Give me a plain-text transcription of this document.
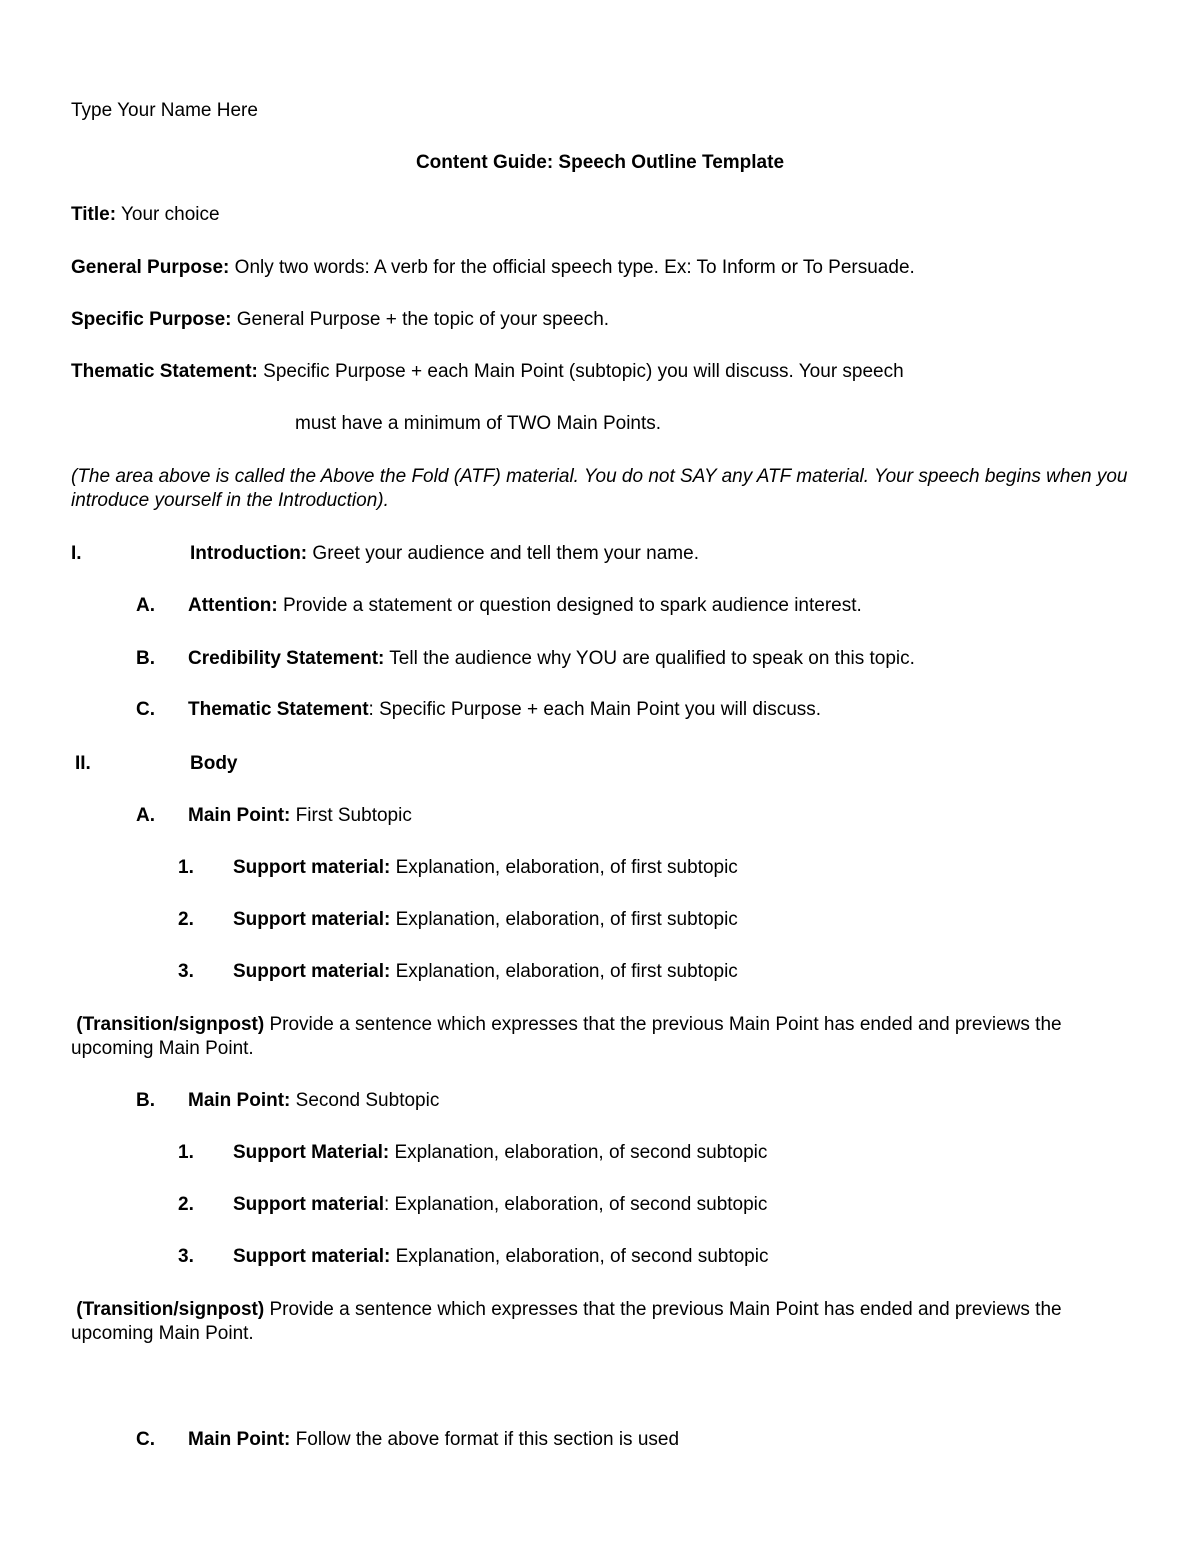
Type Your Name Here
Content Guide: Speech Outline Template
Title: Your choice
General Purpose: Only two words: A verb for the official speech type. Ex: To Inform or To Persuade.
Specific Purpose: General Purpose + the topic of your speech.
Thematic Statement: Specific Purpose + each Main Point (subtopic) you will discuss. Your speech
must have a minimum of TWO Main Points.
(The area above is called the Above the Fold (ATF) material. You do not SAY any ATF material. Your speech begins when you introduce yourself in the Introduction).
I.	Introduction: Greet your audience and tell them your name.
A. Attention: Provide a statement or question designed to spark audience interest.
B. Credibility Statement: Tell the audience why YOU are qualified to speak on this topic.
C. Thematic Statement: Specific Purpose + each Main Point you will discuss.
II.	Body
A. Main Point: First Subtopic
1. Support material: Explanation, elaboration, of first subtopic
2. Support material: Explanation, elaboration, of first subtopic
3. Support material: Explanation, elaboration, of first subtopic
(Transition/signpost) Provide a sentence which expresses that the previous Main Point has ended and previews the upcoming Main Point.
B. Main Point: Second Subtopic
1. Support Material: Explanation, elaboration, of second subtopic
2. Support material: Explanation, elaboration, of second subtopic
3. Support material: Explanation, elaboration, of second subtopic
(Transition/signpost) Provide a sentence which expresses that the previous Main Point has ended and previews the upcoming Main Point.
C. Main Point: Follow the above format if this section is used
